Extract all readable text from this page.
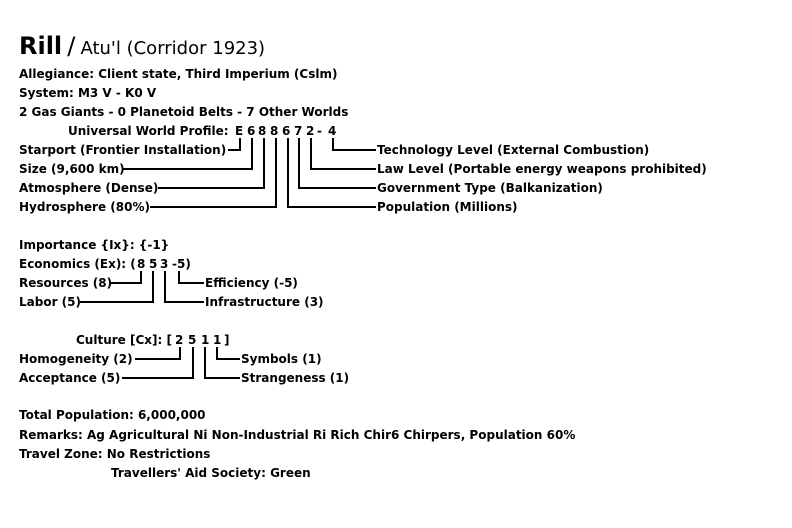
Rill / Atu'l (Corridor 1923)
Allegiance: Client state, Third Imperium (Cslm)
System: M3 V - K0 V
2 Gas Giants - 0 Planetoid Belts - 7 Other Worlds
Universal World Profile: E 6 8 8 6 7 2 - 4
Starport (Frontier Installation)
Size (9,600 km)
Atmosphere (Dense)
Hydrosphere (80%)
Technology Level (External Combustion)
Law Level (Portable energy weapons prohibited)
Government Type (Balkanization)
Population (Millions)
Importance {Ix}: {-1}
Economics (Ex): ( 8 5 3 -5)
Resources (8)
Labor (5)
Efficiency (-5)
Infrastructure (3)
Culture [Cx]: [ 2 5 1 1 ]
Homogeneity (2)
Acceptance (5)
Symbols (1)
Strangeness (1)
Total Population: 6,000,000
Remarks: Ag Agricultural Ni Non-Industrial Ri Rich Chir6 Chirpers, Population 60%
Travel Zone: No Restrictions
Travellers' Aid Society: Green
